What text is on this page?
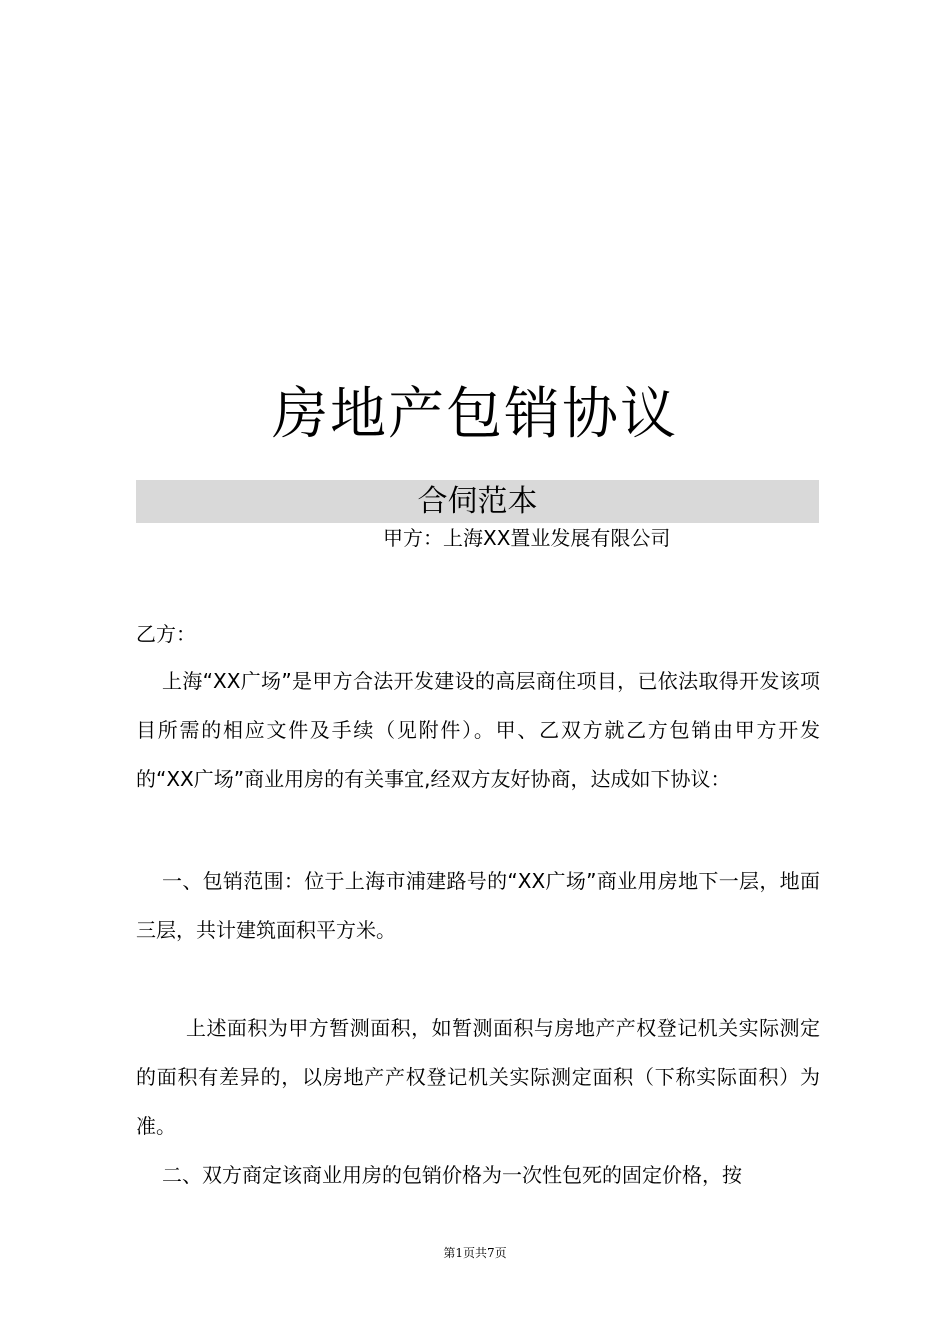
房地产包销协议
合伺范本
甲方：上海XX置业发展有限公司

乙方：

上海“XX广场”是甲方合法开发建设的高层商住项目，已依法取得开发该项目所需的相应文件及手续（见附件）。甲、乙双方就乙方包销由甲方开发的“XX广场”商业用房的有关事宜,经双方友好协商，达成如下协议：

一、包销范围：位于上海市浦建路号的“XX广场”商业用房地下一层，地面三层，共计建筑面积平方米。

上述面积为甲方暂测面积，如暂测面积与房地产产权登记机关实际测定的面积有差异的，以房地产产权登记机关实际测定面积（下称实际面积）为准。

二、双方商定该商业用房的包销价格为一次性包死的固定价格，按

第1页共7页
